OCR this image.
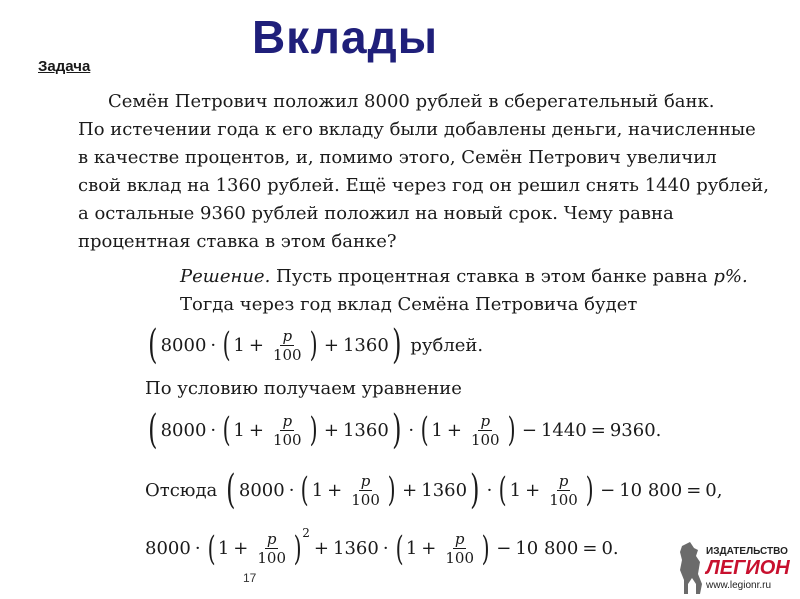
Вклады
Задача
Семён Петрович положил 8000 рублей в сберегательный банк.
По истечении года к его вкладу были добавлены деньги, начисленные
в качестве процентов, и, помимо этого, Семён Петрович увеличил
свой вклад на 1360 рублей. Ещё через год он решил снять 1440 рублей,
а остальные 9360 рублей положил на новый срок. Чему равна
процентная ставка в этом банке?
Решение. Пусть процентная ставка в этом банке равна p%.
Тогда через год вклад Семёна Петровича будет
( 8000 · ( $1 + \frac{p}{100}$ ) + 1360 ) рублей.
По условию получаем уравнение
( 8000 · ( $1 + \frac{p}{100}$ ) + 1360 ) · ( $1 + \frac{p}{100}$ ) − 1440 = 9360 .
Отсюда ( 8000 · ( $1 + \frac{p}{100}$ ) + 1360 ) · ( $1 + \frac{p}{100}$ ) − 10 800 = 0 ,
8000 · ( $1 + \frac{p}{100}$ ) 2
+ 1360 · ( $1 + \frac{p}{100}$ ) − 10 800 = 0 .
17
ИЗДАТЕЛЬСТВО
ЛЕГИОН
www.legionr.ru
